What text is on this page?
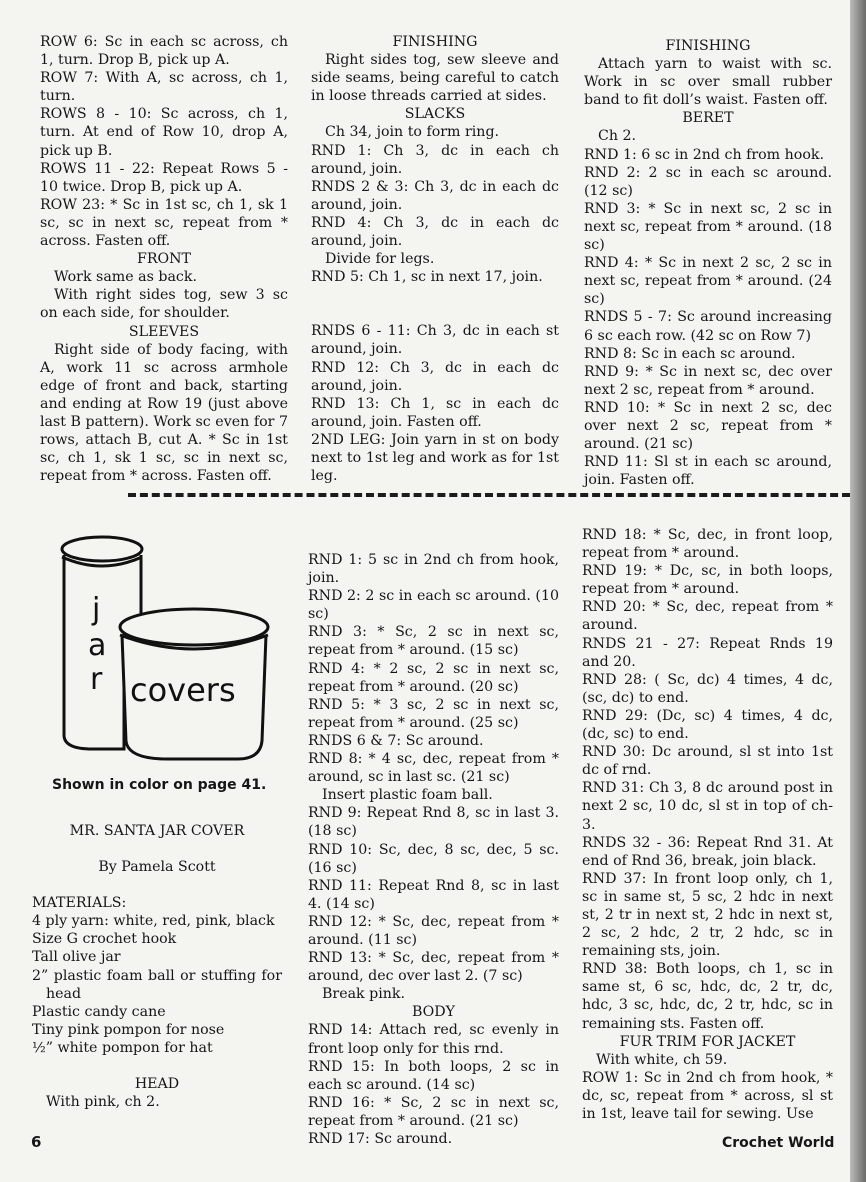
ROW 6: Sc in each sc across, ch 1, turn. Drop B, pick up A.

ROW 7: With A, sc across, ch 1, turn.

ROWS 8 - 10: Sc across, ch 1, turn. At end of Row 10, drop A, pick up B.

ROWS 11 - 22: Repeat Rows 5 - 10 twice. Drop B, pick up A.

ROW 23: * Sc in 1st sc, ch 1, sk 1 sc, sc in next sc, repeat from * across. Fasten off.

FRONT

Work same as back.

With right sides tog, sew 3 sc on each side, for shoulder.

SLEEVES

Right side of body facing, with A, work 11 sc across armhole edge of front and back, starting and ending at Row 19 (just above last B pattern). Work sc even for 7 rows, attach B, cut A. * Sc in 1st sc, ch 1, sk 1 sc, sc in next sc, repeat from * across. Fasten off.

FINISHING

Right sides tog, sew sleeve and side seams, being careful to catch in loose threads carried at sides.

SLACKS

Ch 34, join to form ring.

RND 1: Ch 3, dc in each ch around, join.

RNDS 2 & 3: Ch 3, dc in each dc around, join.

RND 4: Ch 3, dc in each dc around, join.

Divide for legs.

RND 5: Ch 1, sc in next 17, join.

RNDS 6 - 11: Ch 3, dc in each st around, join.

RND 12: Ch 3, dc in each dc around, join.

RND 13: Ch 1, sc in each dc around, join. Fasten off.

2ND LEG: Join yarn in st on body next to 1st leg and work as for 1st leg.

FINISHING

Attach yarn to waist with sc. Work in sc over small rubber band to fit doll’s waist. Fasten off.

BERET

Ch 2.

RND 1: 6 sc in 2nd ch from hook.

RND 2: 2 sc in each sc around. (12 sc)

RND 3: * Sc in next sc, 2 sc in next sc, repeat from * around. (18 sc)

RND 4: * Sc in next 2 sc, 2 sc in next sc, repeat from * around. (24 sc)

RNDS 5 - 7: Sc around increasing 6 sc each row. (42 sc on Row 7)

RND 8: Sc in each sc around.

RND 9: * Sc in next sc, dec over next 2 sc, repeat from * around.

RND 10: * Sc in next 2 sc, dec over next 2 sc, repeat from * around. (21 sc)

RND 11: Sl st in each sc around, join. Fasten off.

j
a
r covers
Shown in color on page 41.

MR. SANTA JAR COVER

By Pamela Scott

MATERIALS:

4 ply yarn: white, red, pink, black

Size G crochet hook

Tall olive jar

2” plastic foam ball or stuffing for head

Plastic candy cane

Tiny pink pompon for nose

½” white pompon for hat

HEAD

With pink, ch 2.

RND 1: 5 sc in 2nd ch from hook, join.

RND 2: 2 sc in each sc around. (10 sc)

RND 3: * Sc, 2 sc in next sc, repeat from * around. (15 sc)

RND 4: * 2 sc, 2 sc in next sc, repeat from * around. (20 sc)

RND 5: * 3 sc, 2 sc in next sc, repeat from * around. (25 sc)

RNDS 6 & 7: Sc around.

RND 8: * 4 sc, dec, repeat from * around, sc in last sc. (21 sc)

Insert plastic foam ball.

RND 9: Repeat Rnd 8, sc in last 3. (18 sc)

RND 10: Sc, dec, 8 sc, dec, 5 sc. (16 sc)

RND 11: Repeat Rnd 8, sc in last 4. (14 sc)

RND 12: * Sc, dec, repeat from * around. (11 sc)

RND 13: * Sc, dec, repeat from * around, dec over last 2. (7 sc)

Break pink.

BODY

RND 14: Attach red, sc evenly in front loop only for this rnd.

RND 15: In both loops, 2 sc in each sc around. (14 sc)

RND 16: * Sc, 2 sc in next sc, repeat from * around. (21 sc)

RND 17: Sc around.

RND 18: * Sc, dec, in front loop, repeat from * around.

RND 19: * Dc, sc, in both loops, repeat from * around.

RND 20: * Sc, dec, repeat from * around.

RNDS 21 - 27: Repeat Rnds 19 and 20.

RND 28: ( Sc, dc) 4 times, 4 dc, (sc, dc) to end.

RND 29: (Dc, sc) 4 times, 4 dc, (dc, sc) to end.

RND 30: Dc around, sl st into 1st dc of rnd.

RND 31: Ch 3, 8 dc around post in next 2 sc, 10 dc, sl st in top of ch-3.

RNDS 32 - 36: Repeat Rnd 31. At end of Rnd 36, break, join black.

RND 37: In front loop only, ch 1, sc in same st, 5 sc, 2 hdc in next st, 2 tr in next st, 2 hdc in next st, 2 sc, 2 hdc, 2 tr, 2 hdc, sc in remaining sts, join.

RND 38: Both loops, ch 1, sc in same st, 6 sc, hdc, dc, 2 tr, dc, hdc, 3 sc, hdc, dc, 2 tr, hdc, sc in remaining sts. Fasten off.

FUR TRIM FOR JACKET

With white, ch 59.

ROW 1: Sc in 2nd ch from hook, * dc, sc, repeat from * across, sl st in 1st, leave tail for sewing. Use

6	Crochet World
